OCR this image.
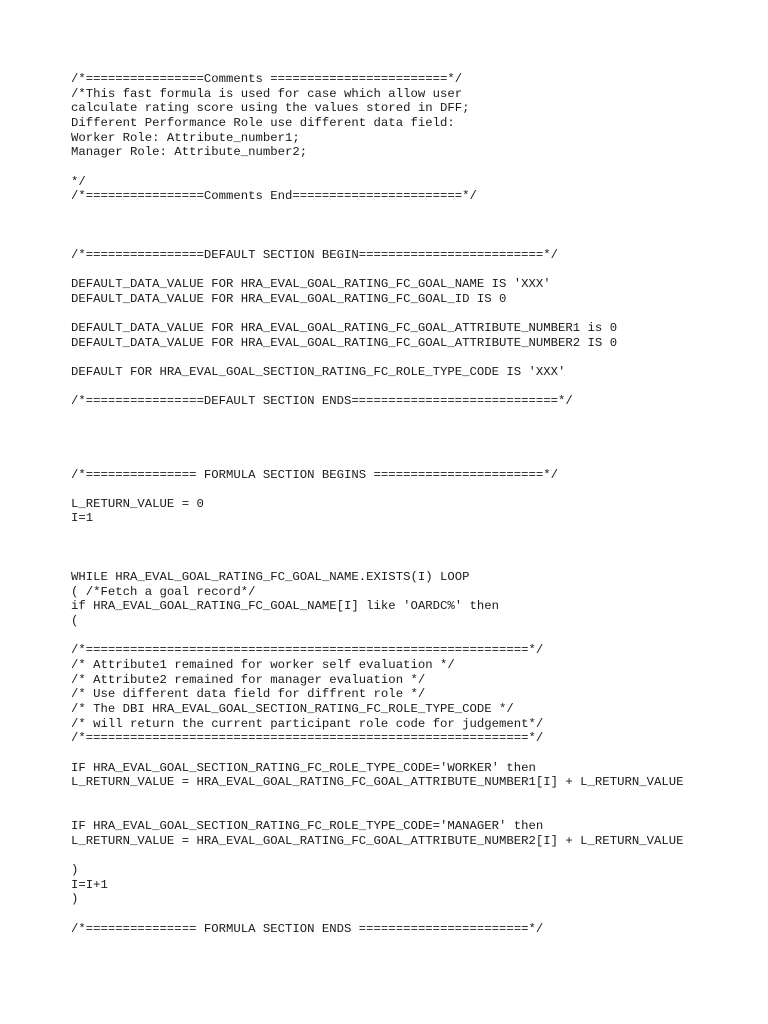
/*================Comments ========================*/
/*This fast formula is used for case which allow user
calculate rating score using the values stored in DFF;
Different Performance Role use different data field:
Worker Role: Attribute_number1;
Manager Role: Attribute_number2;
*/
/*================Comments End=======================*/
/*================DEFAULT SECTION BEGIN=========================*/
DEFAULT_DATA_VALUE FOR HRA_EVAL_GOAL_RATING_FC_GOAL_NAME IS 'XXX'
DEFAULT_DATA_VALUE FOR HRA_EVAL_GOAL_RATING_FC_GOAL_ID IS 0
DEFAULT_DATA_VALUE FOR HRA_EVAL_GOAL_RATING_FC_GOAL_ATTRIBUTE_NUMBER1 is 0
DEFAULT_DATA_VALUE FOR HRA_EVAL_GOAL_RATING_FC_GOAL_ATTRIBUTE_NUMBER2 IS 0
DEFAULT FOR HRA_EVAL_GOAL_SECTION_RATING_FC_ROLE_TYPE_CODE IS 'XXX'
/*================DEFAULT SECTION ENDS============================*/
/*=============== FORMULA SECTION BEGINS =======================*/
L_RETURN_VALUE = 0
I=1
WHILE HRA_EVAL_GOAL_RATING_FC_GOAL_NAME.EXISTS(I) LOOP
( /*Fetch a goal record*/
if HRA_EVAL_GOAL_RATING_FC_GOAL_NAME[I] like 'OARDC%' then
(
/*============================================================*/
/* Attribute1 remained for worker self evaluation */
/* Attribute2 remained for manager evaluation */
/* Use different data field for diffrent role */
/* The DBI HRA_EVAL_GOAL_SECTION_RATING_FC_ROLE_TYPE_CODE */
/* will return the current participant role code for judgement*/
/*============================================================*/
IF HRA_EVAL_GOAL_SECTION_RATING_FC_ROLE_TYPE_CODE='WORKER' then
L_RETURN_VALUE = HRA_EVAL_GOAL_RATING_FC_GOAL_ATTRIBUTE_NUMBER1[I] + L_RETURN_VALUE
IF HRA_EVAL_GOAL_SECTION_RATING_FC_ROLE_TYPE_CODE='MANAGER' then
L_RETURN_VALUE = HRA_EVAL_GOAL_RATING_FC_GOAL_ATTRIBUTE_NUMBER2[I] + L_RETURN_VALUE
)
I=I+1
)
/*=============== FORMULA SECTION ENDS =======================*/
